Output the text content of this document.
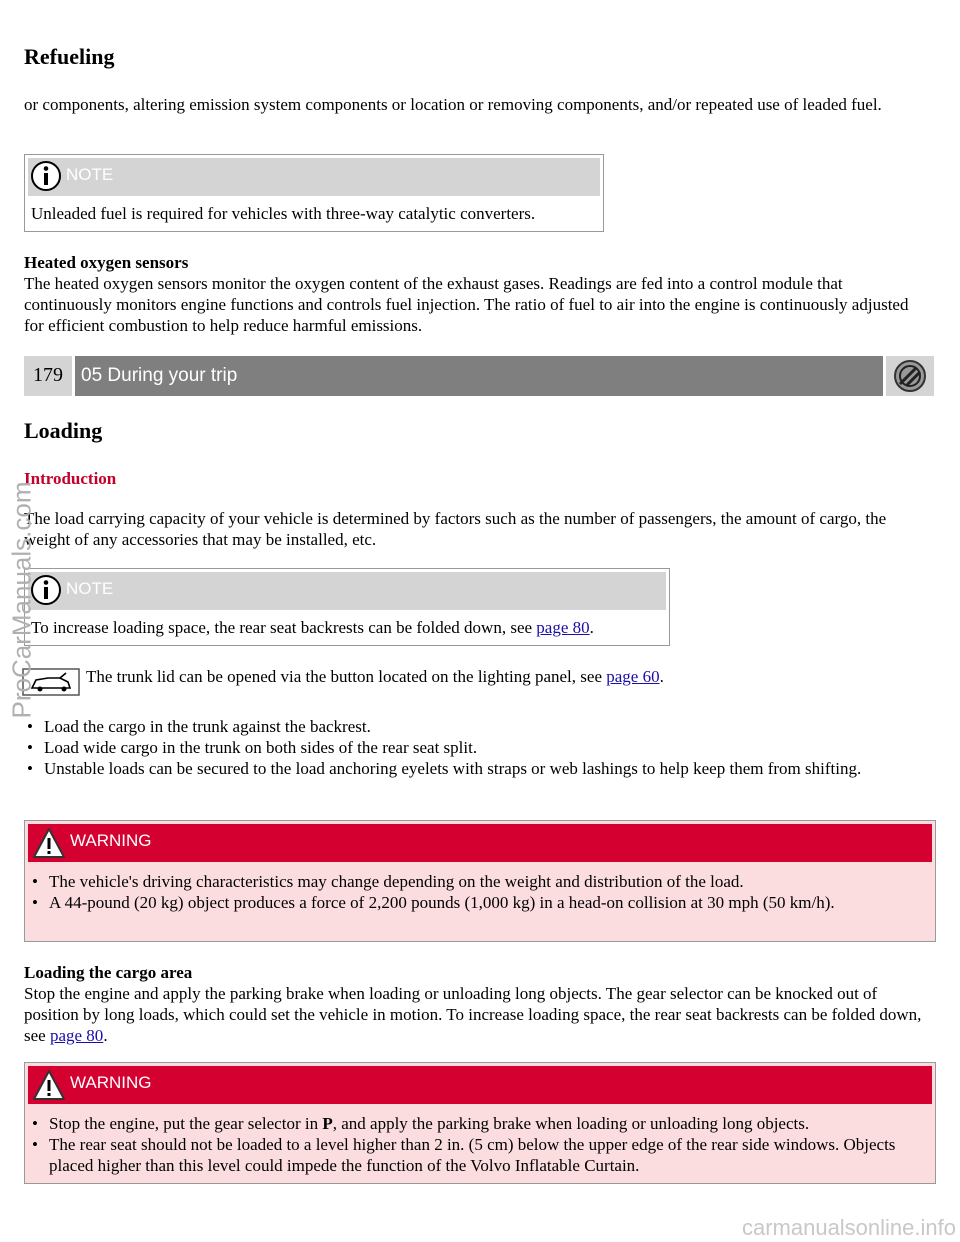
Refueling

or components, altering emission system components or location or removing components, and/or repeated use of leaded fuel.

NOTE
Unleaded fuel is required for vehicles with three-way catalytic converters.

Heated oxygen sensors

The heated oxygen sensors monitor the oxygen content of the exhaust gases. Readings are fed into a control module that continuously monitors engine functions and controls fuel injection. The ratio of fuel to air into the engine is continuously adjusted for efficient combustion to help reduce harmful emissions.

179 05 During your trip
Loading

Introduction

The load carrying capacity of your vehicle is determined by factors such as the number of passengers, the amount of cargo, the weight of any accessories that may be installed, etc.

NOTE
To increase loading space, the rear seat backrests can be folded down, see page 80.

The trunk lid can be opened via the button located on the lighting panel, see page 60.

• Load the cargo in the trunk against the backrest.
• Load wide cargo in the trunk on both sides of the rear seat split.
• Unstable loads can be secured to the load anchoring eyelets with straps or web lashings to help keep them from shifting.
WARNING
• The vehicle's driving characteristics may change depending on the weight and distribution of the load.
• A 44-pound (20 kg) object produces a force of 2,200 pounds (1,000 kg) in a head-on collision at 30 mph (50 km/h).

Loading the cargo area

Stop the engine and apply the parking brake when loading or unloading long objects. The gear selector can be knocked out of position by long loads, which could set the vehicle in motion. To increase loading space, the rear seat backrests can be folded down, see page 80.

WARNING
• Stop the engine, put the gear selector in P, and apply the parking brake when loading or unloading long objects.
• The rear seat should not be loaded to a level higher than 2 in. (5 cm) below the upper edge of the rear side windows. Objects placed higher than this level could impede the function of the Volvo Inflatable Curtain.
ProCarManuals.com
carmanualsonline.info
